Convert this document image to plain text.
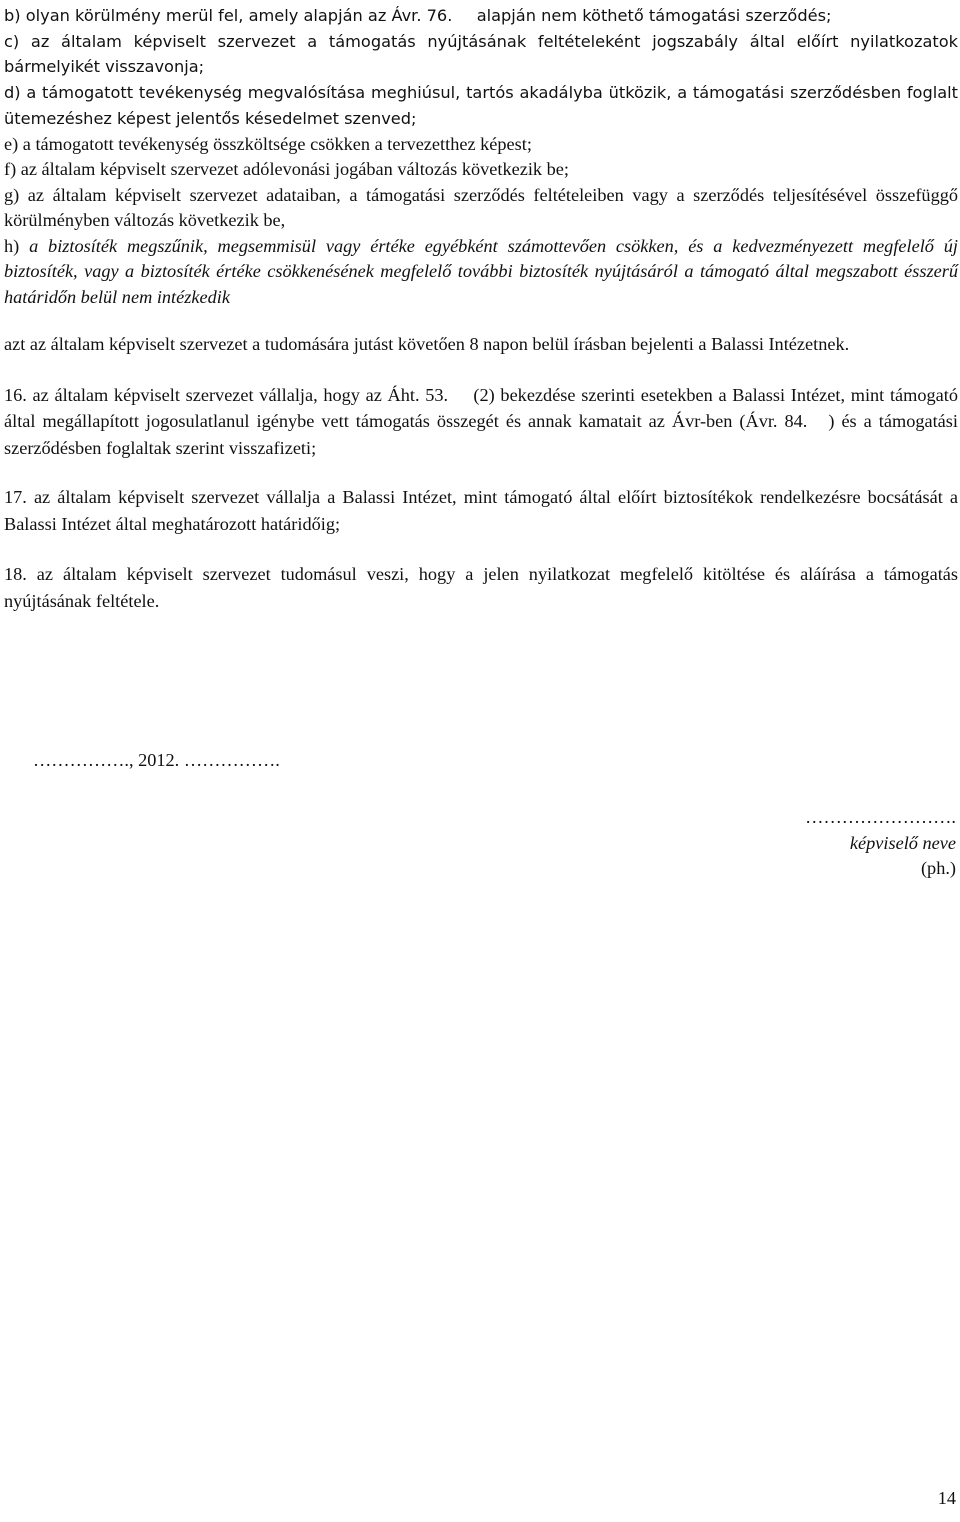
b) olyan körülmény merül fel, amely alapján az Ávr. 76. alapján nem köthető támogatási szerződés;
c) az általam képviselt szervezet a támogatás nyújtásának feltételeként jogszabály által előírt nyilatkozatok bármelyikét visszavonja;
d) a támogatott tevékenység megvalósítása meghiúsul, tartós akadályba ütközik, a támogatási szerződésben foglalt ütemezéshez képest jelentős késedelmet szenved;
e) a támogatott tevékenység összköltsége csökken a tervezetthez képest;
f) az általam képviselt szervezet adólevonási jogában változás következik be;
g) az általam képviselt szervezet adataiban, a támogatási szerződés feltételeiben vagy a szerződés teljesítésével összefüggő körülményben változás következik be,
h) a biztosíték megszűnik, megsemmisül vagy értéke egyébként számottevően csökken, és a kedvezményezett megfelelő új biztosíték, vagy a biztosíték értéke csökkenésének megfelelő további biztosíték nyújtásáról a támogató által megszabott ésszerű határidőn belül nem intézkedik

azt az általam képviselt szervezet a tudomására jutást követően 8 napon belül írásban bejelenti a Balassi Intézetnek.

16. az általam képviselt szervezet vállalja, hogy az Áht. 53. (2) bekezdése szerinti esetekben a Balassi Intézet, mint támogató által megállapított jogosulatlanul igénybe vett támogatás összegét és annak kamatait az Ávr-ben (Ávr. 84. ) és a támogatási szerződésben foglaltak szerint visszafizeti;

17. az általam képviselt szervezet vállalja a Balassi Intézet, mint támogató által előírt biztosítékok rendelkezésre bocsátását a Balassi Intézet által meghatározott határidőig;

18. az általam képviselt szervezet tudomásul veszi, hogy a jelen nyilatkozat megfelelő kitöltése és aláírása a támogatás nyújtásának feltétele.

……………., 2012. …………….
…………………….
képviselő neve
(ph.)
14
